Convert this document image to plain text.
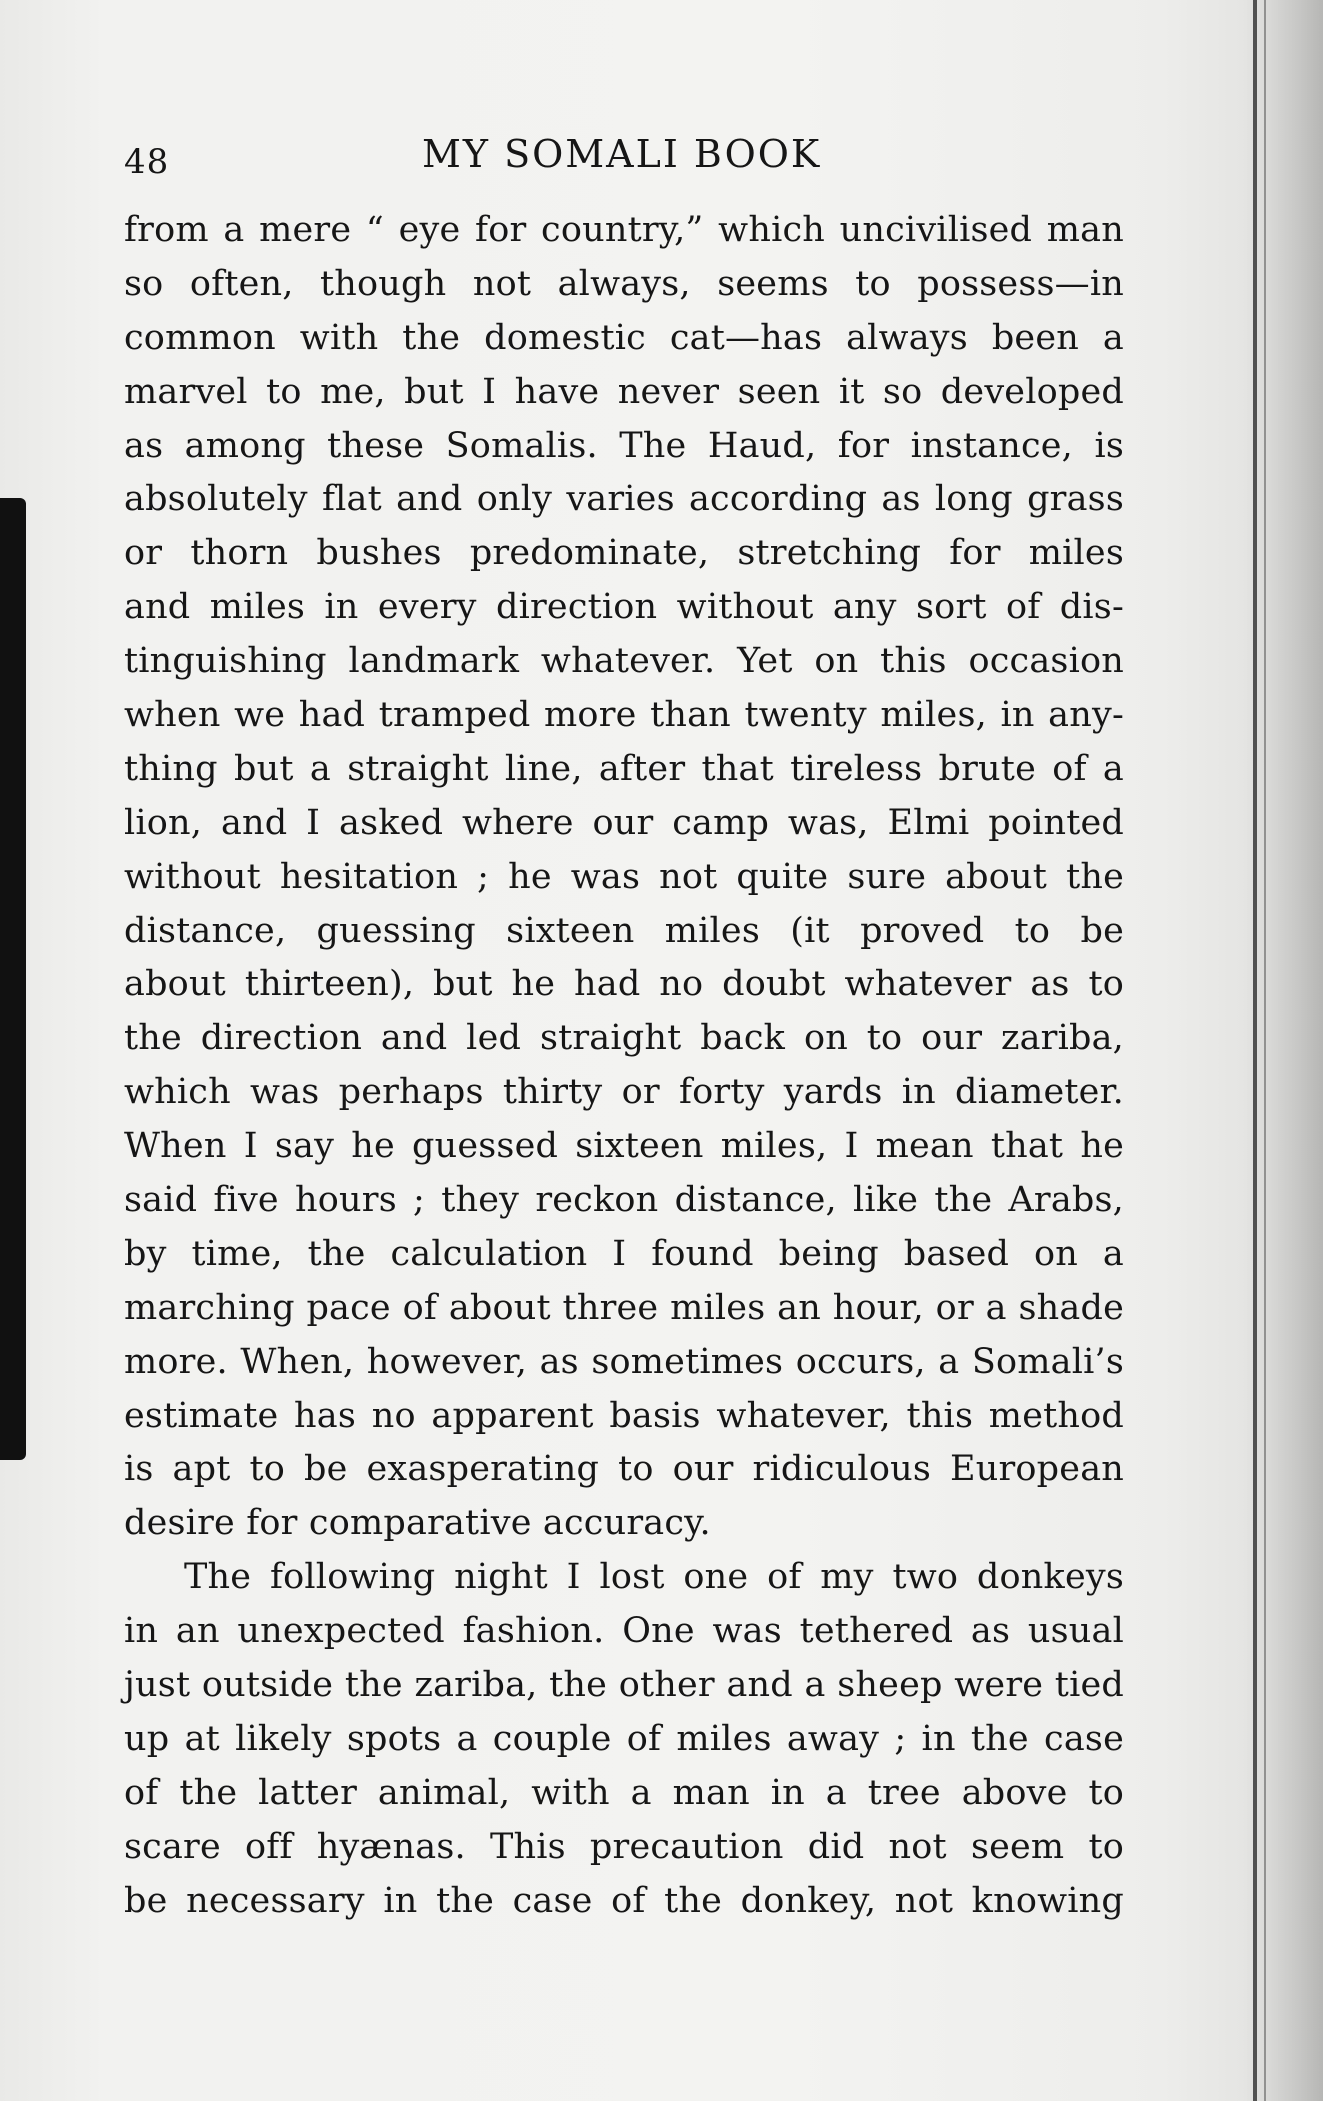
48	MY SOMALI BOOK
from a mere “ eye for country,” which uncivilised man
so often, though not always, seems to possess—in
common with the domestic cat—has always been a
marvel to me, but I have never seen it so developed
as among these Somalis. The Haud, for instance, is
absolutely flat and only varies according as long grass
or thorn bushes predominate, stretching for miles
and miles in every direction without any sort of dis-
tinguishing landmark whatever. Yet on this occasion
when we had tramped more than twenty miles, in any-
thing but a straight line, after that tireless brute of a
lion, and I asked where our camp was, Elmi pointed
without hesitation ; he was not quite sure about the
distance, guessing sixteen miles (it proved to be
about thirteen), but he had no doubt whatever as to
the direction and led straight back on to our zariba,
which was perhaps thirty or forty yards in diameter.
When I say he guessed sixteen miles, I mean that he
said five hours ; they reckon distance, like the Arabs,
by time, the calculation I found being based on a
marching pace of about three miles an hour, or a shade
more. When, however, as sometimes occurs, a Somali’s
estimate has no apparent basis whatever, this method
is apt to be exasperating to our ridiculous European
desire for comparative accuracy.
The following night I lost one of my two donkeys
in an unexpected fashion. One was tethered as usual
just outside the zariba, the other and a sheep were tied
up at likely spots a couple of miles away ; in the case
of the latter animal, with a man in a tree above to
scare off hyænas. This precaution did not seem to
be necessary in the case of the donkey, not knowing
